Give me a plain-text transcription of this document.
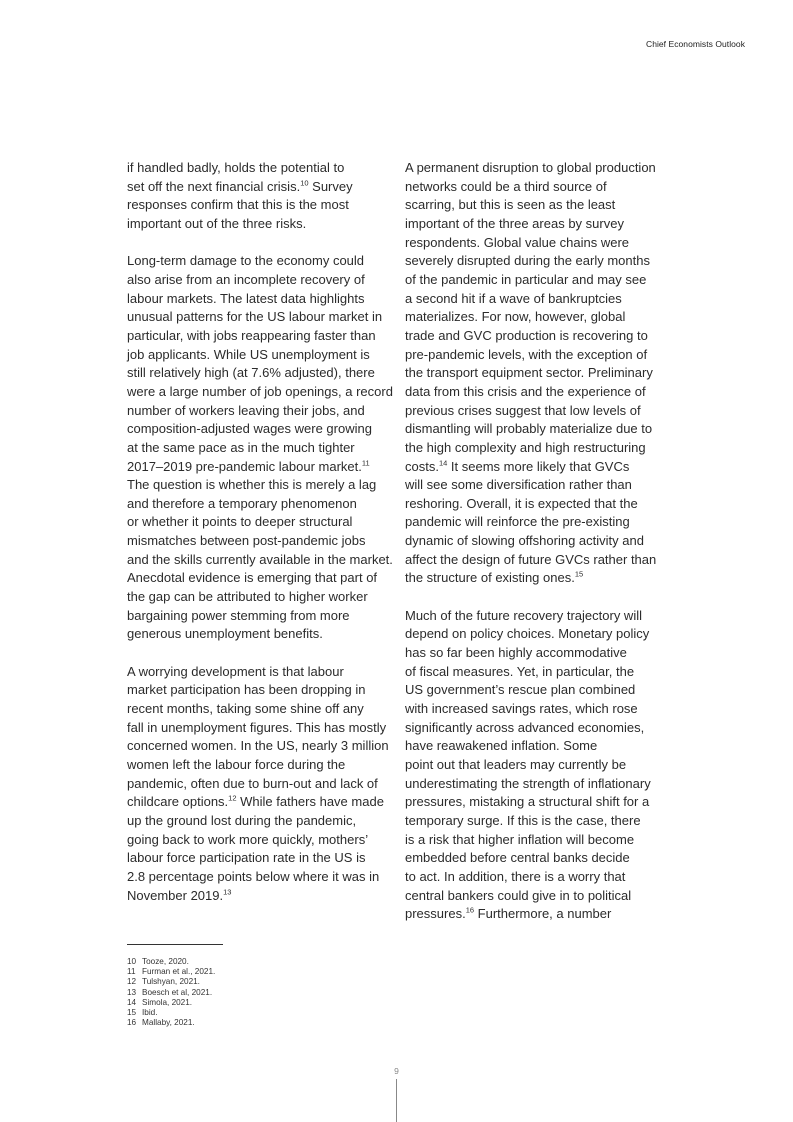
Chief Economists Outlook
if handled badly, holds the potential to
set off the next financial crisis.$^{10}$ Survey
responses confirm that this is the most
important out of the three risks.
Long-term damage to the economy could
also arise from an incomplete recovery of
labour markets. The latest data highlights
unusual patterns for the US labour market in
particular, with jobs reappearing faster than
job applicants. While US unemployment is
still relatively high (at 7.6% adjusted), there
were a large number of job openings, a record
number of workers leaving their jobs, and
composition-adjusted wages were growing
at the same pace as in the much tighter
2017–2019 pre-pandemic labour market.$^{11}$
The question is whether this is merely a lag
and therefore a temporary phenomenon
or whether it points to deeper structural
mismatches between post-pandemic jobs
and the skills currently available in the market.
Anecdotal evidence is emerging that part of
the gap can be attributed to higher worker
bargaining power stemming from more
generous unemployment benefits.
A worrying development is that labour
market participation has been dropping in
recent months, taking some shine off any
fall in unemployment figures. This has mostly
concerned women. In the US, nearly 3 million
women left the labour force during the
pandemic, often due to burn-out and lack of
childcare options.$^{12}$ While fathers have made
up the ground lost during the pandemic,
going back to work more quickly, mothers’
labour force participation rate in the US is
2.8 percentage points below where it was in
November 2019.13
A permanent disruption to global production
networks could be a third source of
scarring, but this is seen as the least
important of the three areas by survey
respondents. Global value chains were
severely disrupted during the early months
of the pandemic in particular and may see
a second hit if a wave of bankruptcies
materializes. For now, however, global
trade and GVC production is recovering to
pre-pandemic levels, with the exception of
the transport equipment sector. Preliminary
data from this crisis and the experience of
previous crises suggest that low levels of
dismantling will probably materialize due to
the high complexity and high restructuring
costs.$^{14}$ It seems more likely that GVCs
will see some diversification rather than
reshoring. Overall, it is expected that the
pandemic will reinforce the pre-existing
dynamic of slowing offshoring activity and
affect the design of future GVCs rather than
the structure of existing ones.$^{15}$
Much of the future recovery trajectory will
depend on policy choices. Monetary policy
has so far been highly accommodative
of fiscal measures. Yet, in particular, the
US government’s rescue plan combined
with increased savings rates, which rose
significantly across advanced economies,
have reawakened inflation. Some
point out that leaders may currently be
underestimating the strength of inflationary
pressures, mistaking a structural shift for a
temporary surge. If this is the case, there
is a risk that higher inflation will become
embedded before central banks decide
to act. In addition, there is a worry that
central bankers could give in to political
pressures.$^{16}$ Furthermore, a number
10 Tooze, 2020.
11 Furman et al., 2021.
12 Tulshyan, 2021.
13 Boesch et al, 2021.
14 Simola, 2021.
15 Ibid.
16 Mallaby, 2021.
9
